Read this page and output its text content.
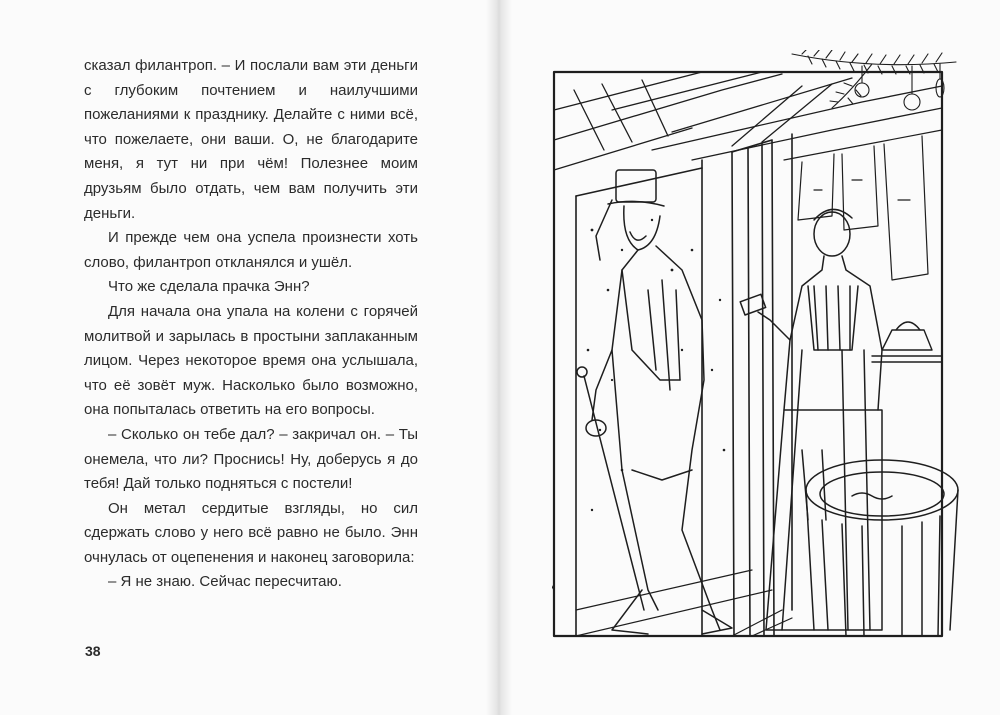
сказал филантроп. – И послали вам эти деньги с глубоким почтением и наилучшими пожеланиями к празднику. Делайте с ними всё, что пожелаете, они ваши. О, не благодарите меня, я тут ни при чём! Полезнее моим друзьям было отдать, чем вам получить эти деньги.

И прежде чем она успела произнести хоть слово, филантроп откланялся и ушёл.

Что же сделала прачка Энн?

Для начала она упала на колени с горячей молитвой и зарылась в простыни заплаканным лицом. Через некоторое время она услышала, что её зовёт муж. Насколько было возможно, она попыталась ответить на его вопросы.

– Сколько он тебе дал? – закричал он. – Ты онемела, что ли? Проснись! Ну, доберусь я до тебя! Дай только подняться с постели!

Он метал сердитые взгляды, но сил сдержать слово у него всё равно не было. Энн очнулась от оцепенения и наконец заговорила:

– Я не знаю. Сейчас пересчитаю.

38
